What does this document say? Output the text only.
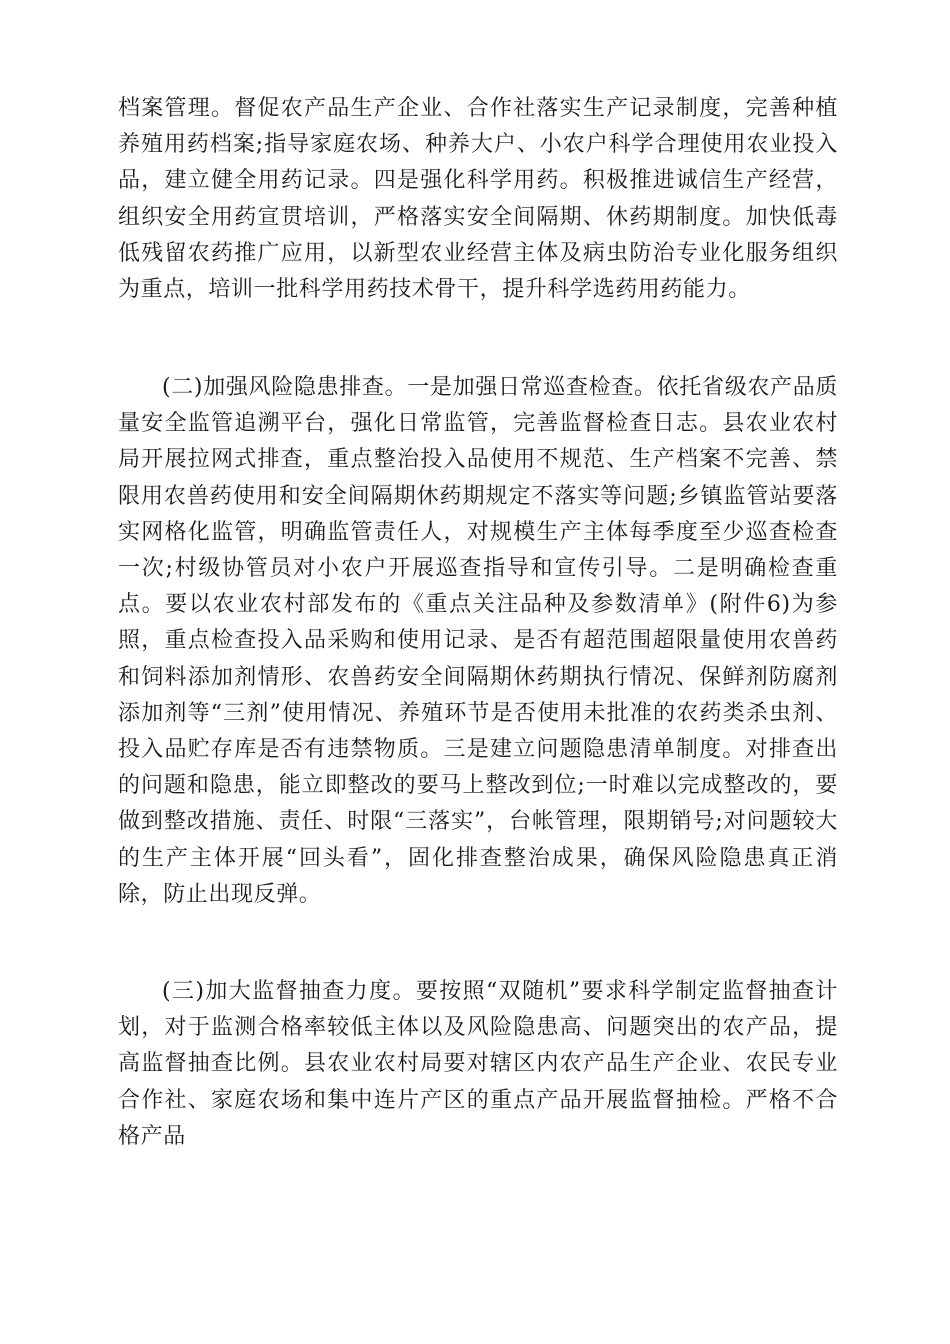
档案管理。督促农产品生产企业、合作社落实生产记录制度，完善种植养殖用药档案;指导家庭农场、种养大户、小农户科学合理使用农业投入品，建立健全用药记录。四是强化科学用药。积极推进诚信生产经营，组织安全用药宣贯培训，严格落实安全间隔期、休药期制度。加快低毒低残留农药推广应用，以新型农业经营主体及病虫防治专业化服务组织为重点，培训一批科学用药技术骨干，提升科学选药用药能力。

(二)加强风险隐患排查。一是加强日常巡查检查。依托省级农产品质量安全监管追溯平台，强化日常监管，完善监督检查日志。县农业农村局开展拉网式排查，重点整治投入品使用不规范、生产档案不完善、禁限用农兽药使用和安全间隔期休药期规定不落实等问题;乡镇监管站要落实网格化监管，明确监管责任人，对规模生产主体每季度至少巡查检查一次;村级协管员对小农户开展巡查指导和宣传引导。二是明确检查重点。要以农业农村部发布的《重点关注品种及参数清单》(附件6)为参照，重点检查投入品采购和使用记录、是否有超范围超限量使用农兽药和饲料添加剂情形、农兽药安全间隔期休药期执行情况、保鲜剂防腐剂添加剂等“三剂”使用情况、养殖环节是否使用未批准的农药类杀虫剂、投入品贮存库是否有违禁物质。三是建立问题隐患清单制度。对排查出的问题和隐患，能立即整改的要马上整改到位;一时难以完成整改的，要做到整改措施、责任、时限“三落实”，台帐管理，限期销号;对问题较大的生产主体开展“回头看”，固化排查整治成果，确保风险隐患真正消除，防止出现反弹。

(三)加大监督抽查力度。要按照“双随机”要求科学制定监督抽查计划，对于监测合格率较低主体以及风险隐患高、问题突出的农产品，提高监督抽查比例。县农业农村局要对辖区内农产品生产企业、农民专业合作社、家庭农场和集中连片产区的重点产品开展监督抽检。严格不合格产品
